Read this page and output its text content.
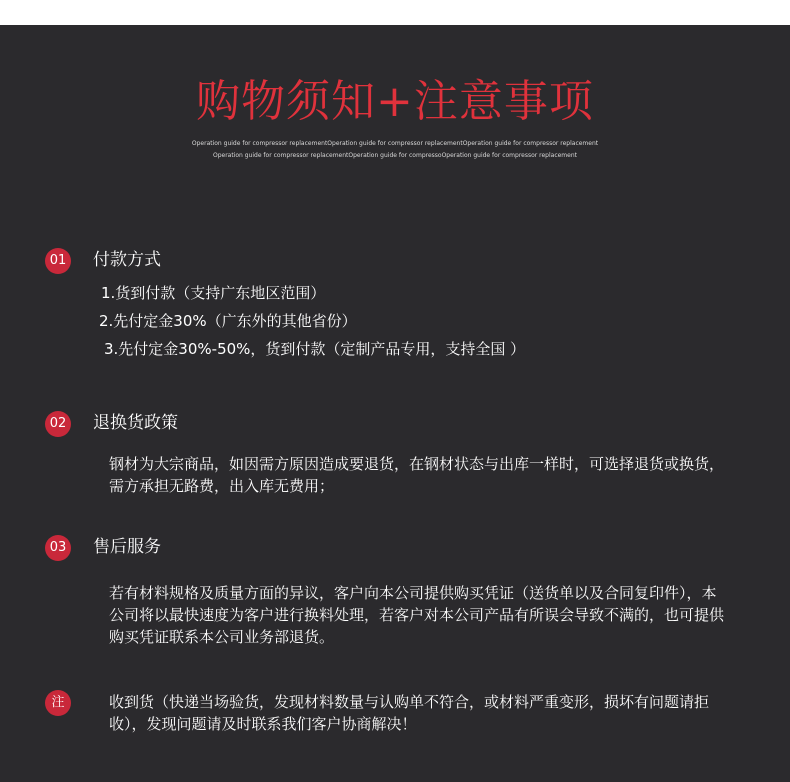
购物须知+注意事项
Operation guide for compressor replacementOperation guide for compressor replacementOperation guide for compressor replacement
Operation guide for compressor replacementOperation guide for compressoOperation guide for compressor replacement
01 付款方式
1.货到付款（支持广东地区范围）
2.先付定金30%（广东外的其他省份）
3.先付定金30%-50%，货到付款（定制产品专用，支持全国 ）
02 退换货政策
钢材为大宗商品，如因需方原因造成要退货，在钢材状态与出库一样时，可选择退货或换货，需方承担无路费，出入库无费用；
03 售后服务
若有材料规格及质量方面的异议，客户向本公司提供购买凭证（送货单以及合同复印件），本公司将以最快速度为客户进行换料处理，若客户对本公司产品有所误会导致不满的，也可提供购买凭证联系本公司业务部退货。
注	收到货（快递当场验货，发现材料数量与认购单不符合，或材料严重变形，损坏有问题请拒收），发现问题请及时联系我们客户协商解决！
